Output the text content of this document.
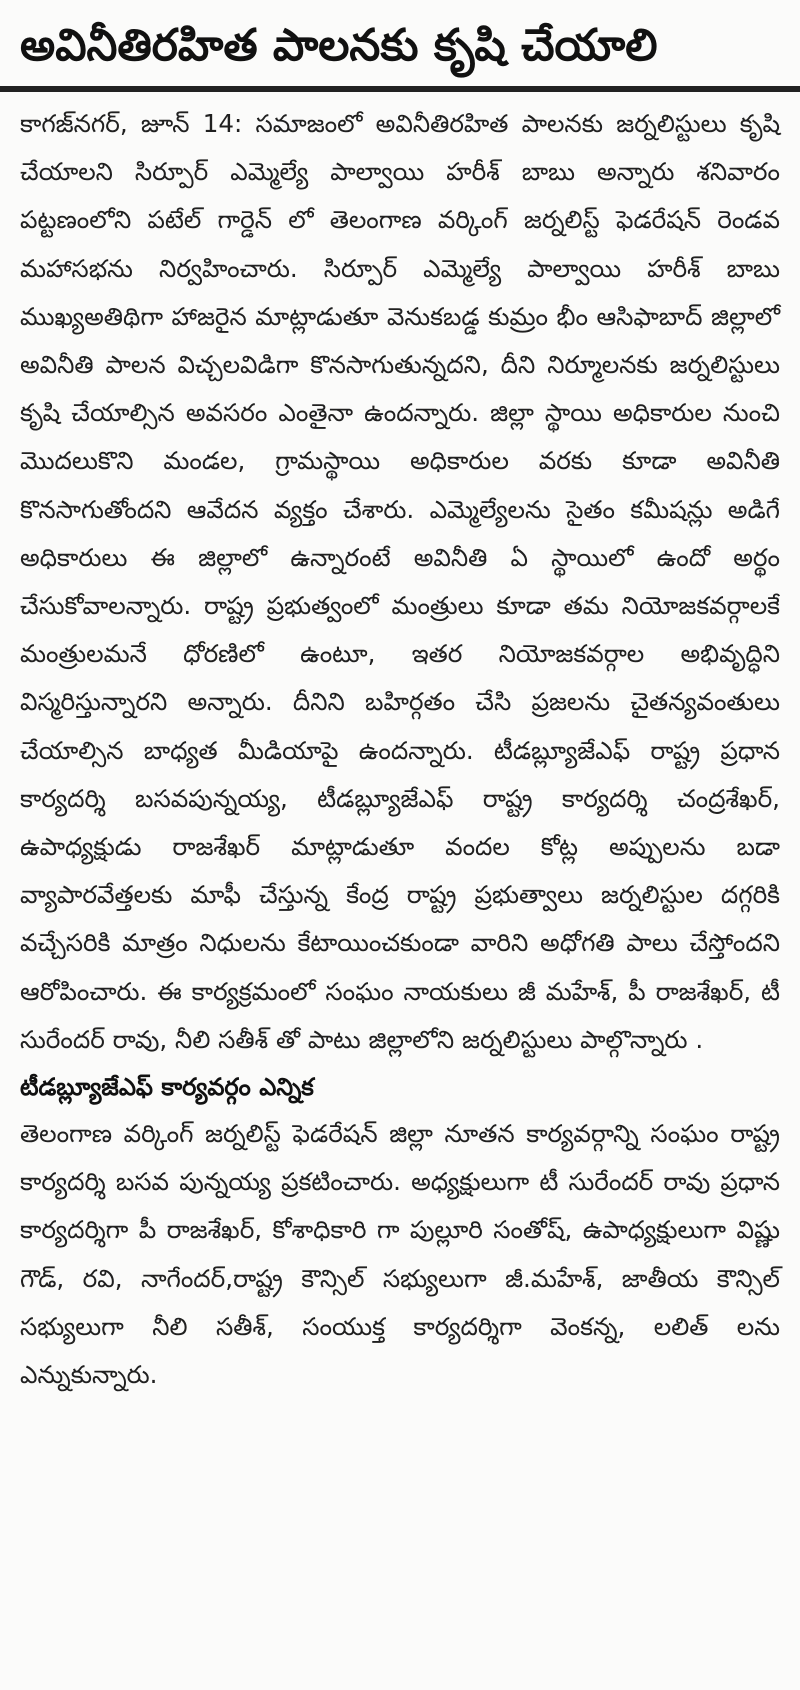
అవినీతిరహిత పాలనకు కృషి చేయాలి

కాగజ్‌నగర్, జూన్ 14: సమాజంలో అవినీతిరహిత పాలనకు జర్నలిస్టులు కృషి చేయాలని సిర్పూర్ ఎమ్మెల్యే పాల్వాయి హరీశ్ బాబు అన్నారు శనివారం పట్టణంలోని పటేల్ గార్డెన్ లో తెలంగాణ వర్కింగ్ జర్నలిస్ట్ ఫెడరేషన్ రెండవ మహాసభను నిర్వహించారు. సిర్పూర్ ఎమ్మెల్యే పాల్వాయి హరీశ్ బాబు ముఖ్యఅతిథిగా హాజరైన మాట్లాడుతూ వెనుకబడ్డ కుమ్రం భీం ఆసిఫాబాద్ జిల్లాలో అవినీతి పాలన విచ్చలవిడిగా కొనసాగుతున్నదని, దీని నిర్మూలనకు జర్నలిస్టులు కృషి చేయాల్సిన అవసరం ఎంతైనా ఉందన్నారు. జిల్లా స్థాయి అధికారుల నుంచి మొదలుకొని మండల, గ్రామస్థాయి అధికారుల వరకు కూడా అవినీతి కొనసాగుతోందని ఆవేదన వ్యక్తం చేశారు. ఎమ్మెల్యేలను సైతం కమీషన్లు అడిగే అధికారులు ఈ జిల్లాలో ఉన్నారంటే అవినీతి ఏ స్థాయిలో ఉందో అర్థం చేసుకోవాలన్నారు. రాష్ట్ర ప్రభుత్వంలో మంత్రులు కూడా తమ నియోజకవర్గాలకే మంత్రులమనే ధోరణిలో ఉంటూ, ఇతర నియోజకవర్గాల అభివృద్ధిని విస్మరిస్తున్నారని అన్నారు. దీనిని బహిర్గతం చేసి ప్రజలను చైతన్యవంతులు చేయాల్సిన బాధ్యత మీడియాపై ఉందన్నారు. టీడబ్ల్యూజేఎఫ్ రాష్ట్ర ప్రధాన కార్యదర్శి బసవపున్నయ్య, టీడబ్ల్యూజేఎఫ్ రాష్ట్ర కార్యదర్శి చంద్రశేఖర్, ఉపాధ్యక్షుడు రాజశేఖర్ మాట్లాడుతూ వందల కోట్ల అప్పులను బడా వ్యాపారవేత్తలకు మాఫీ చేస్తున్న కేంద్ర రాష్ట్ర ప్రభుత్వాలు జర్నలిస్టుల దగ్గరికి వచ్చేసరికి మాత్రం నిధులను కేటాయించకుండా వారిని అధోగతి పాలు చేస్తోందని ఆరోపించారు. ఈ కార్యక్రమంలో సంఘం నాయకులు జీ మహేశ్, పీ రాజశేఖర్, టీ సురేందర్ రావు, నీలి సతీశ్ తో పాటు జిల్లాలోని జర్నలిస్టులు పాల్గొన్నారు .

టీడబ్ల్యూజేఎఫ్ కార్యవర్గం ఎన్నిక

తెలంగాణ వర్కింగ్ జర్నలిస్ట్ ఫెడరేషన్ జిల్లా నూతన కార్యవర్గాన్ని సంఘం రాష్ట్ర కార్యదర్శి బసవ పున్నయ్య ప్రకటించారు. అధ్యక్షులుగా టీ సురేందర్ రావు ప్రధాన కార్యదర్శిగా పీ రాజశేఖర్, కోశాధికారి గా పుల్లూరి సంతోష్, ఉపాధ్యక్షులుగా విష్ణు గౌడ్, రవి, నాగేందర్,రాష్ట్ర కౌన్సిల్ సభ్యులుగా జీ.మహేశ్, జాతీయ కౌన్సిల్ సభ్యులుగా నీలి సతీశ్, సంయుక్త కార్యదర్శిగా వెంకన్న, లలిత్ లను ఎన్నుకున్నారు.
